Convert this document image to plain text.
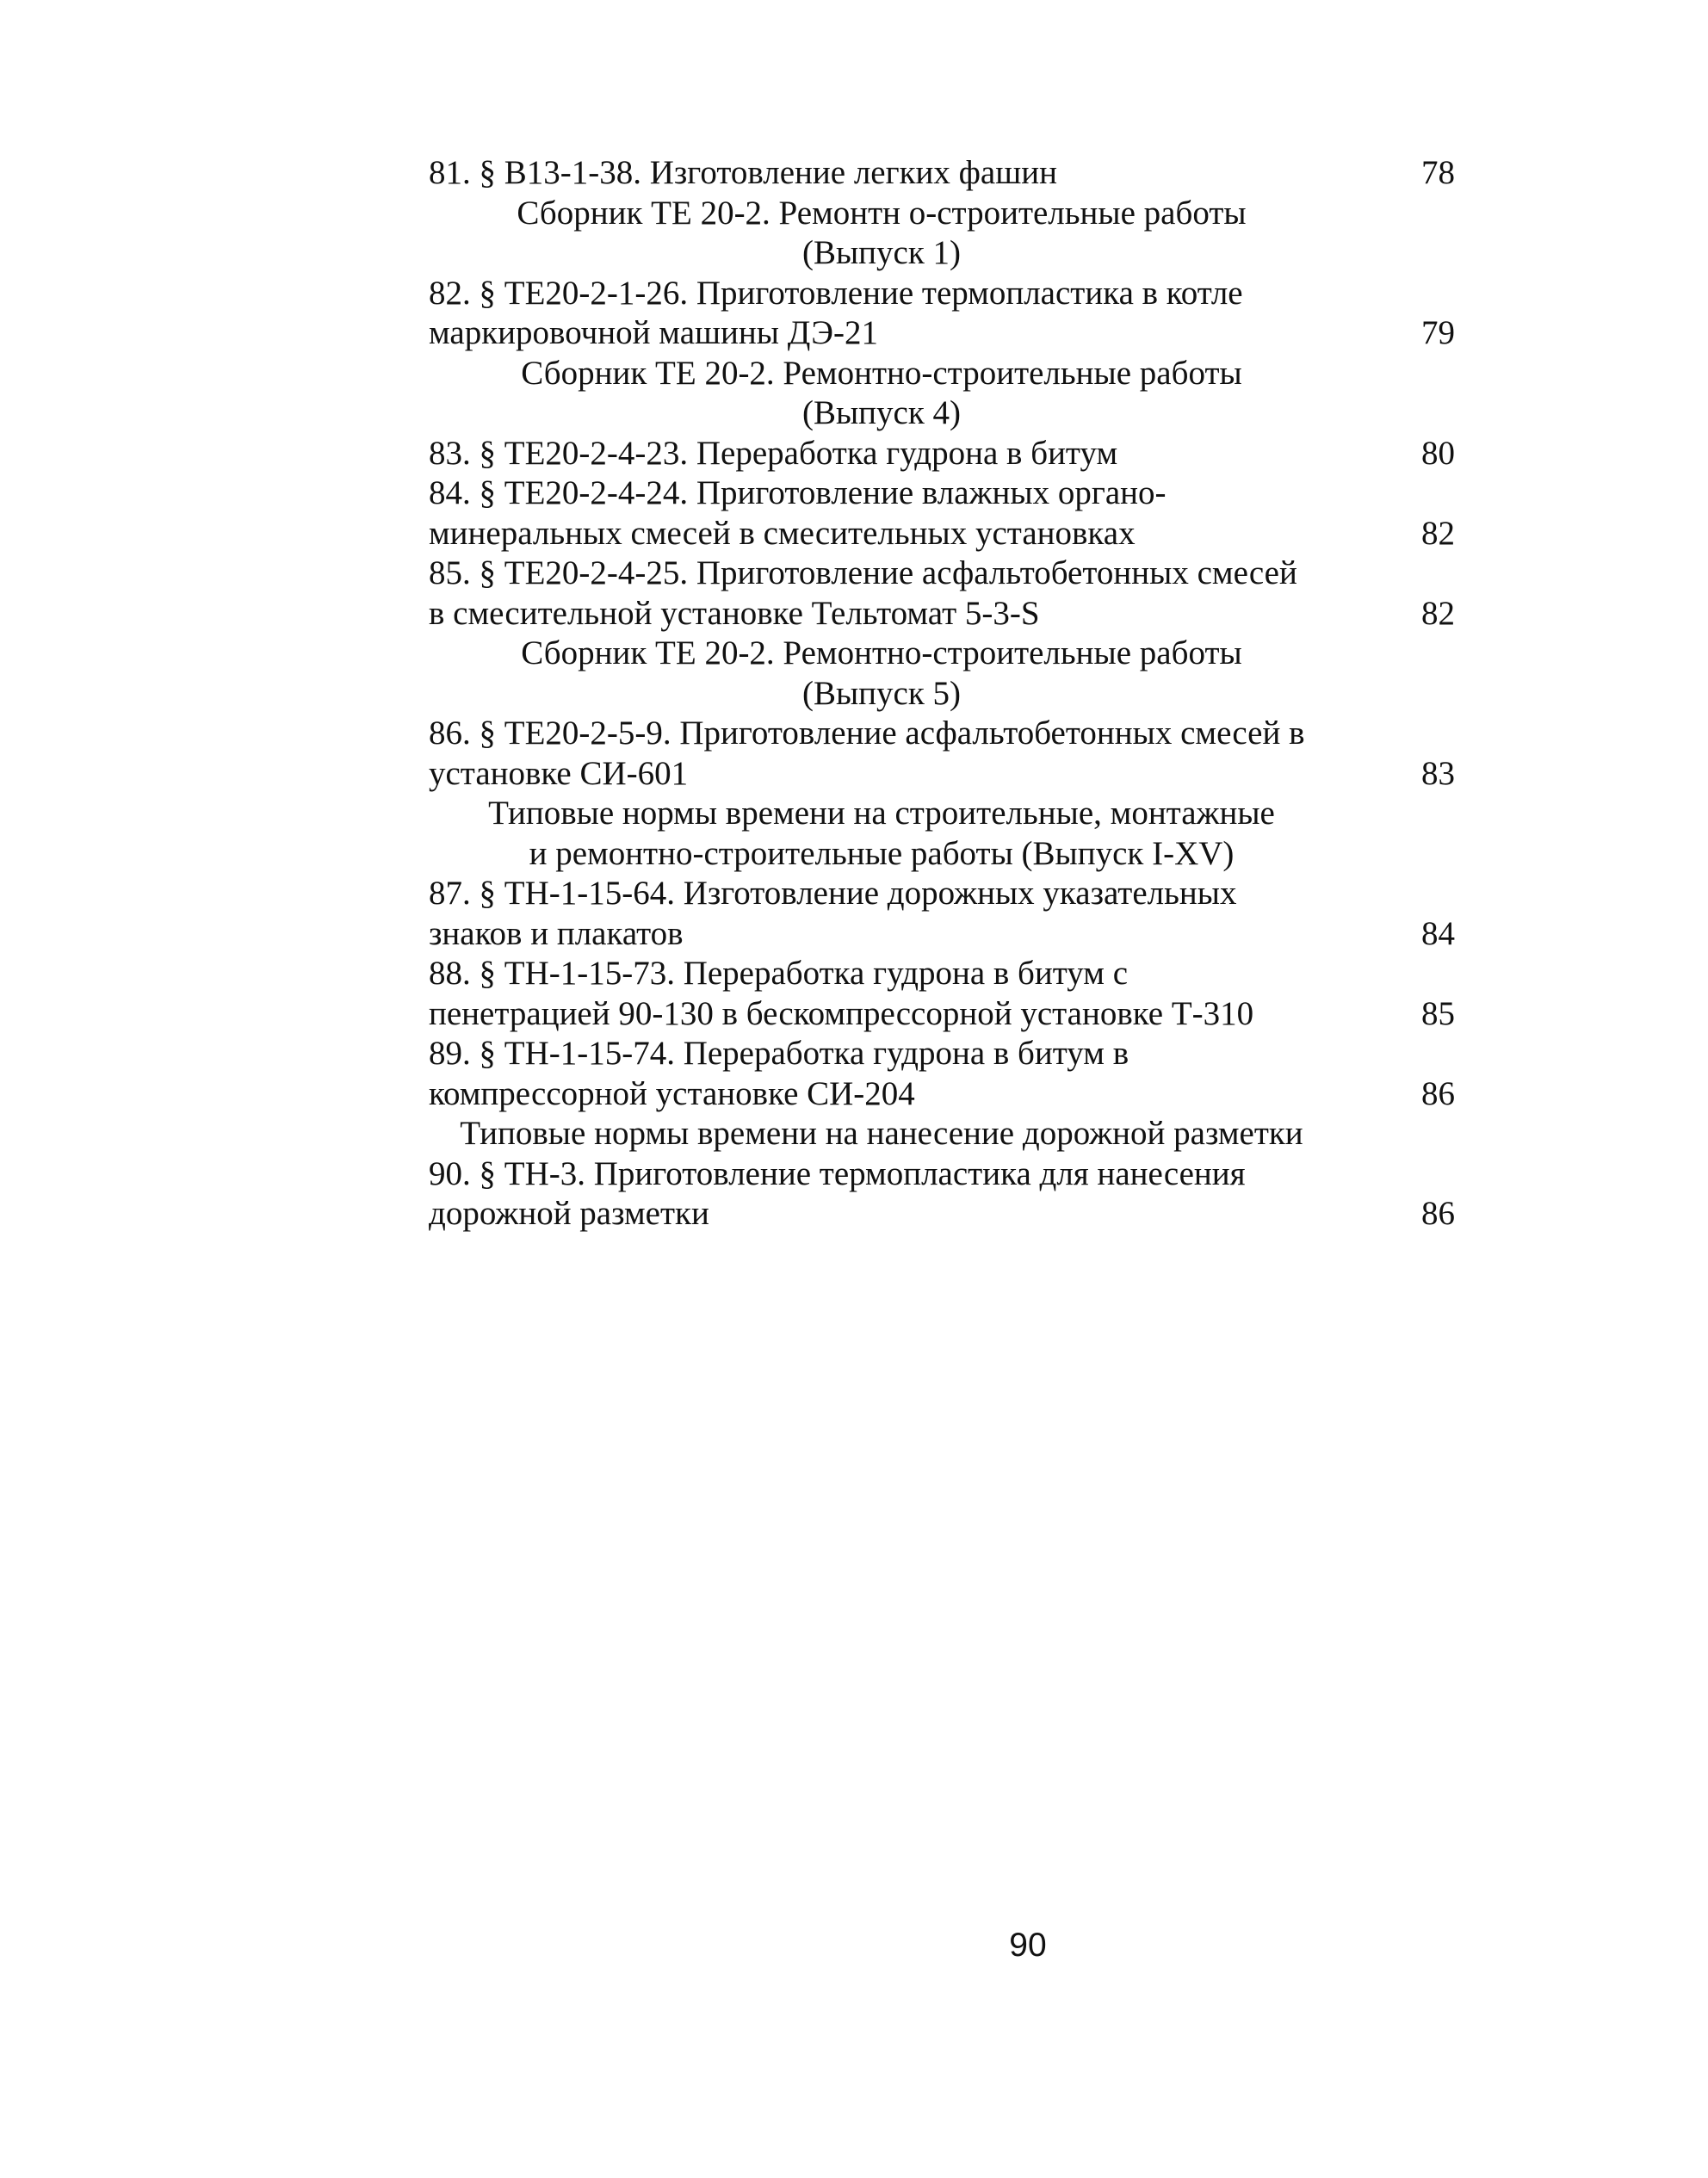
81. § В13-1-38. Изготовление легких фашин	78
Сборник ТЕ 20-2. Ремонтн о-строительные работы
(Выпуск 1)
82. § ТЕ20-2-1-26. Приготовление термопластика в котле
маркировочной машины ДЭ-21	79
Сборник ТЕ 20-2. Ремонтно-строительные работы
(Выпуск 4)
83. § ТЕ20-2-4-23. Переработка гудрона в битум	80
84. § ТЕ20-2-4-24. Приготовление влажных органо-
минеральных смесей в смесительных установках	82
85. § ТЕ20-2-4-25. Приготовление асфальтобетонных смесей
в смесительной установке Тельтомат 5-3-S	82
Сборник ТЕ 20-2. Ремонтно-строительные работы
(Выпуск 5)
86. § ТЕ20-2-5-9. Приготовление асфальтобетонных смесей в
установке СИ-601	83
Типовые нормы времени на строительные, монтажные
и ремонтно-строительные работы (Выпуск I-XV)
87. § ТН-1-15-64. Изготовление дорожных указательных
знаков и плакатов	84
88. § ТН-1-15-73. Переработка гудрона в битум с
пенетрацией 90-130 в бескомпрессорной установке Т-310	85
89. § ТН-1-15-74. Переработка гудрона в битум в
компрессорной установке СИ-204	86
Типовые нормы времени на нанесение дорожной разметки
90. § ТН-3. Приготовление термопластика для нанесения
дорожной разметки	86
90
